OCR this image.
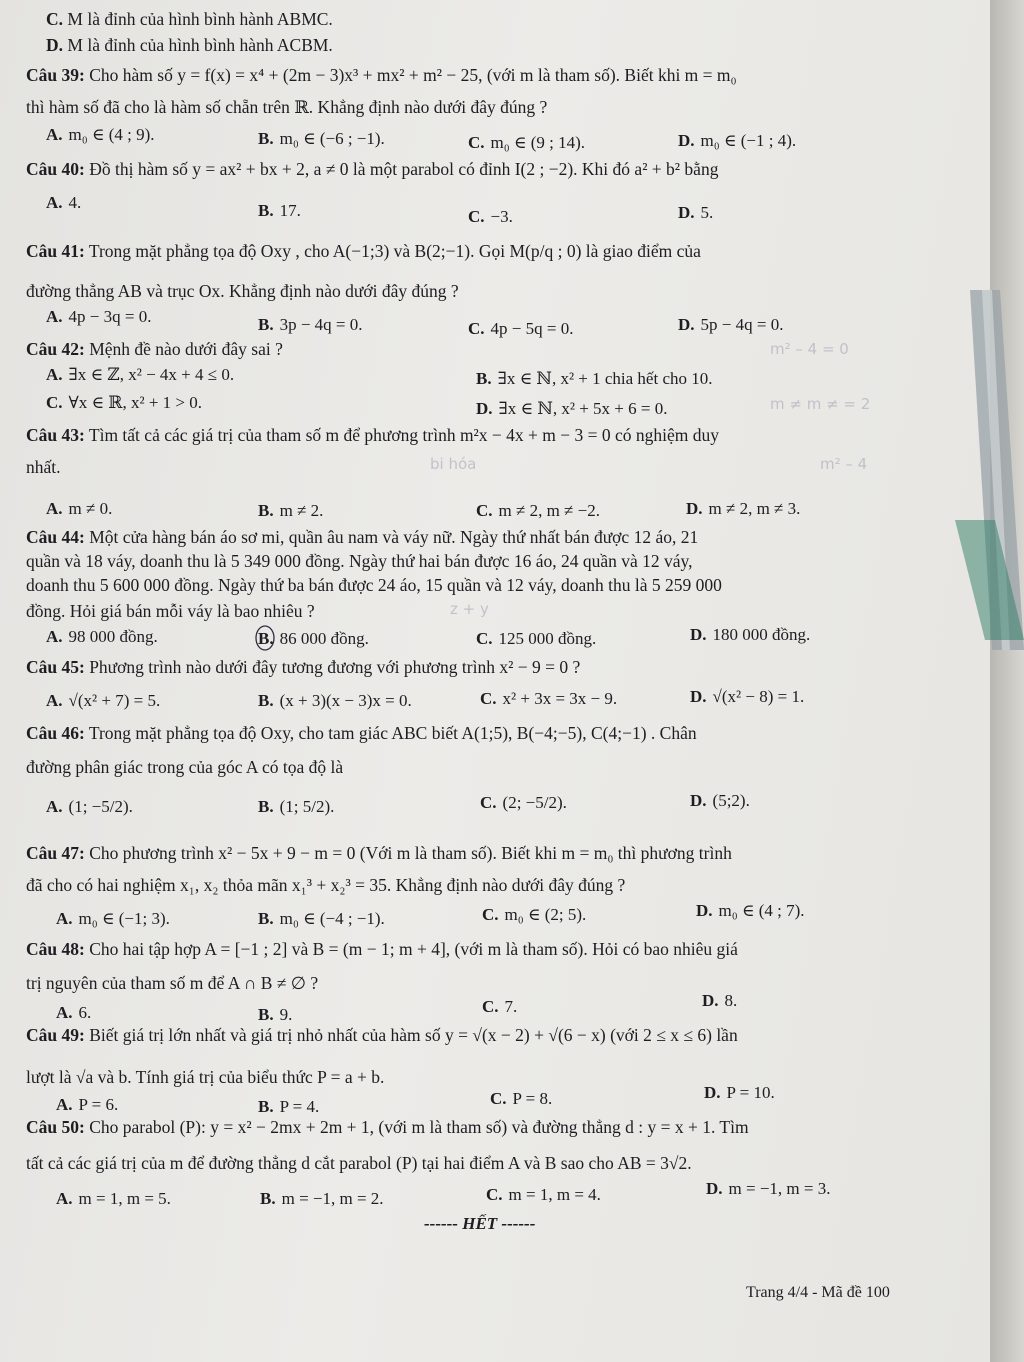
m² – 4 = 0
m ≠ m ≠ = 2
bi hóa	m² – 4
z + y
C. M là đỉnh của hình bình hành ABMC.
D. M là đỉnh của hình bình hành ACBM.
Câu 39: Cho hàm số y = f(x) = x⁴ + (2m − 3)x³ + mx² + m² − 25, (với m là tham số). Biết khi m = m₀
thì hàm số đã cho là hàm số chẵn trên ℝ. Khẳng định nào dưới đây đúng ?
A. m₀ ∈ (4 ; 9).	B. m₀ ∈ (−6 ; −1).	C. m₀ ∈ (9 ; 14).	D. m₀ ∈ (−1 ; 4).
Câu 40: Đồ thị hàm số y = ax² + bx + 2, a ≠ 0 là một parabol có đỉnh I(2 ; −2). Khi đó a² + b² bằng
A. 4.	B. 17.	C. −3.	D. 5.
Câu 41: Trong mặt phẳng tọa độ Oxy , cho A(−1;3) và B(2;−1). Gọi M(p/q ; 0) là giao điểm của
đường thẳng AB và trục Ox. Khẳng định nào dưới đây đúng ?
A. 4p − 3q = 0.	B. 3p − 4q = 0.	C. 4p − 5q = 0.	D. 5p − 4q = 0.
Câu 42: Mệnh đề nào dưới đây sai ?
A. ∃x ∈ ℤ, x² − 4x + 4 ≤ 0.	B. ∃x ∈ ℕ, x² + 1 chia hết cho 10.
C. ∀x ∈ ℝ, x² + 1 > 0.	D. ∃x ∈ ℕ, x² + 5x + 6 = 0.
Câu 43: Tìm tất cả các giá trị của tham số m để phương trình m²x − 4x + m − 3 = 0 có nghiệm duy
nhất.
A. m ≠ 0.	B. m ≠ 2.	C. m ≠ 2, m ≠ −2.	D. m ≠ 2, m ≠ 3.
Câu 44: Một cửa hàng bán áo sơ mi, quần âu nam và váy nữ. Ngày thứ nhất bán được 12 áo, 21
quần và 18 váy, doanh thu là 5 349 000 đồng. Ngày thứ hai bán được 16 áo, 24 quần và 12 váy,
doanh thu 5 600 000 đồng. Ngày thứ ba bán được 24 áo, 15 quần và 12 váy, doanh thu là 5 259 000
đồng. Hỏi giá bán mỗi váy là bao nhiêu ?
A. 98 000 đồng.	B. 86 000 đồng.	C. 125 000 đồng.	D. 180 000 đồng.
Câu 45: Phương trình nào dưới đây tương đương với phương trình x² − 9 = 0 ?
A. √(x² + 7) = 5.	B. (x + 3)(x − 3)x = 0.	C. x² + 3x = 3x − 9.	D. √(x² − 8) = 1.
Câu 46: Trong mặt phẳng tọa độ Oxy, cho tam giác ABC biết A(1;5), B(−4;−5), C(4;−1) . Chân
đường phân giác trong của góc A có tọa độ là
A. (1; −5/2).	B. (1; 5/2).	C. (2; −5/2).	D. (5;2).
Câu 47: Cho phương trình x² − 5x + 9 − m = 0 (Với m là tham số). Biết khi m = m₀ thì phương trình
đã cho có hai nghiệm x₁, x₂ thỏa mãn x₁³ + x₂³ = 35. Khẳng định nào dưới đây đúng ?
A. m₀ ∈ (−1; 3).	B. m₀ ∈ (−4 ; −1).	C. m₀ ∈ (2; 5).	D. m₀ ∈ (4 ; 7).
Câu 48: Cho hai tập hợp A = [−1 ; 2] và B = (m − 1; m + 4], (với m là tham số). Hỏi có bao nhiêu giá
trị nguyên của tham số m để A ∩ B ≠ ∅ ?
A. 6.	B. 9.	C. 7.	D. 8.
Câu 49: Biết giá trị lớn nhất và giá trị nhỏ nhất của hàm số y = √(x − 2) + √(6 − x) (với 2 ≤ x ≤ 6) lần
lượt là √a và b. Tính giá trị của biểu thức P = a + b.
A. P = 6.	B. P = 4.	C. P = 8.	D. P = 10.
Câu 50: Cho parabol (P): y = x² − 2mx + 2m + 1, (với m là tham số) và đường thẳng d : y = x + 1. Tìm
tất cả các giá trị của m để đường thẳng d cắt parabol (P) tại hai điểm A và B sao cho AB = 3√2.
A. m = 1, m = 5.	B. m = −1, m = 2.	C. m = 1, m = 4.	D. m = −1, m = 3.
------ HẾT ------
Trang 4/4 - Mã đề 100
